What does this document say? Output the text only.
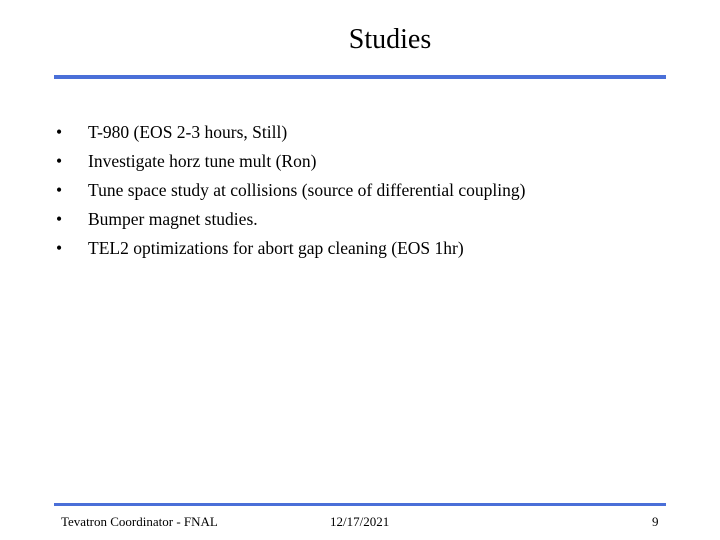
Studies
•	T-980 (EOS 2-3 hours, Still)
•	Investigate horz tune mult (Ron)
•	Tune space study at collisions (source of differential coupling)
•	Bumper magnet studies.
•	TEL2 optimizations for abort gap cleaning (EOS 1hr)
Tevatron Coordinator - FNAL	12/17/2021	9
